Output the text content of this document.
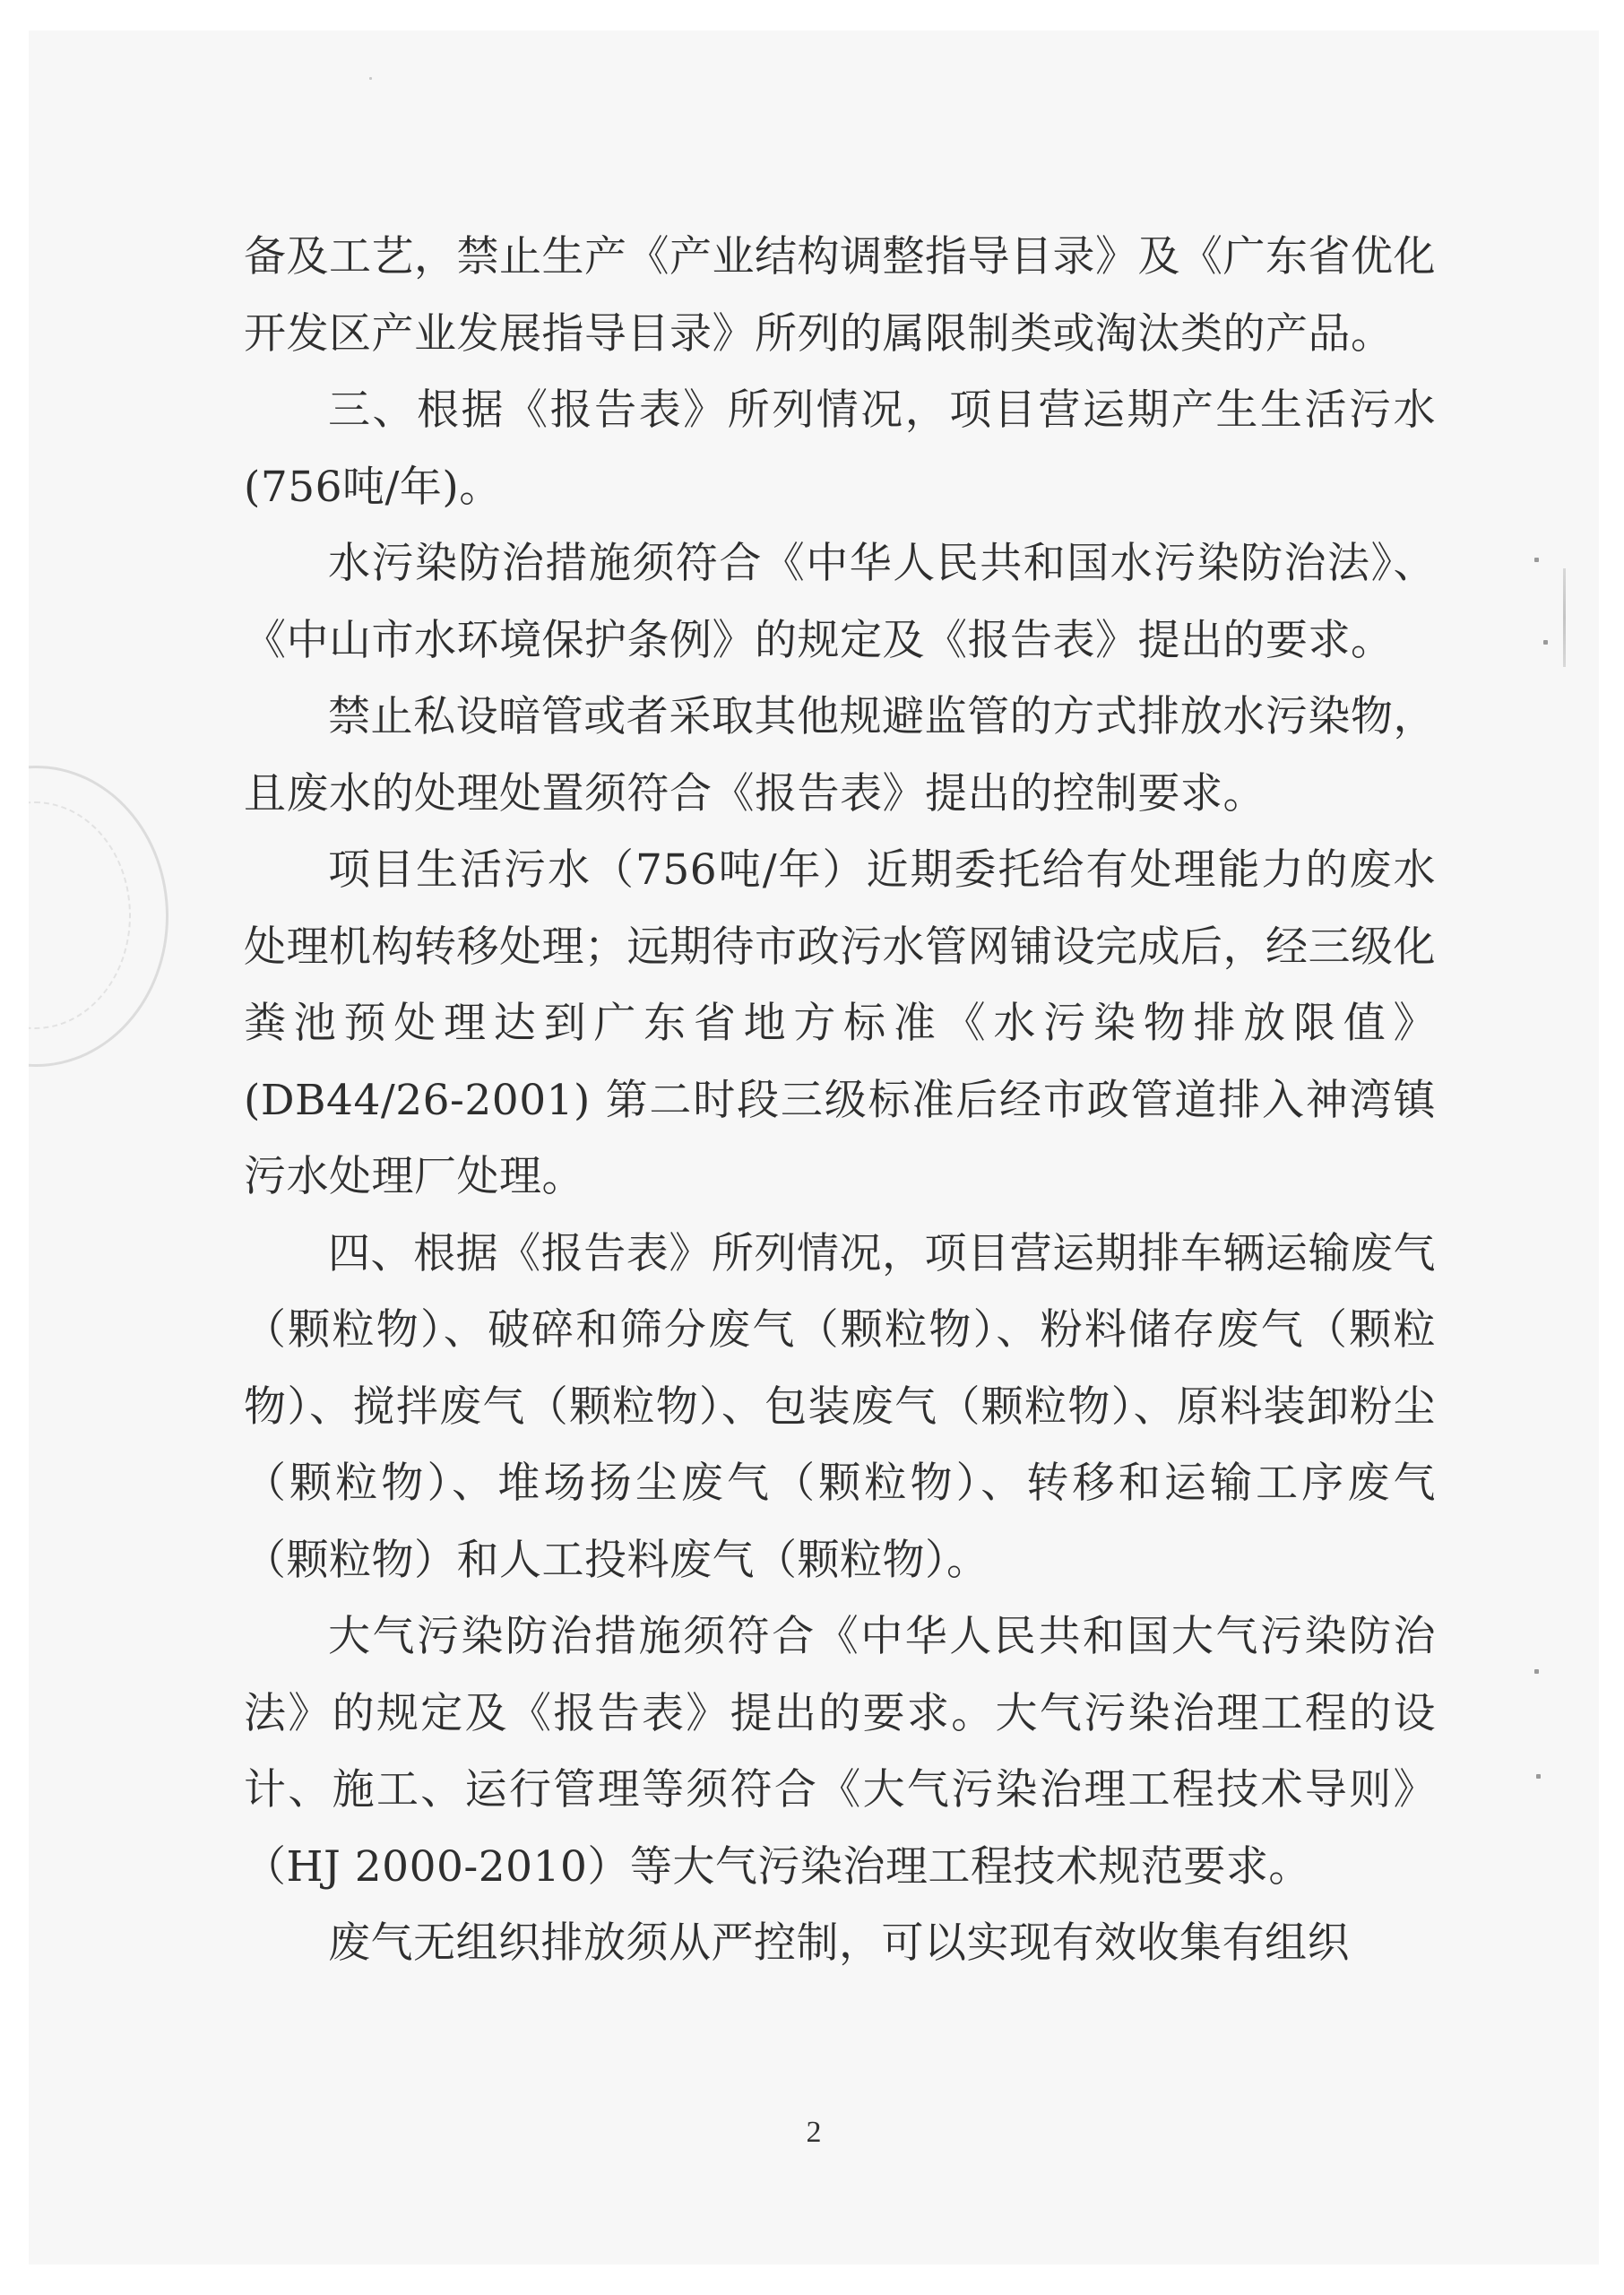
备及工艺，禁止生产《产业结构调整指导目录》及《广东省优化开发区产业发展指导目录》所列的属限制类或淘汰类的产品。

三、根据《报告表》所列情况，项目营运期产生生活污水(756吨/年)。

水污染防治措施须符合《中华人民共和国水污染防治法》、《中山市水环境保护条例》的规定及《报告表》提出的要求。

禁止私设暗管或者采取其他规避监管的方式排放水污染物，且废水的处理处置须符合《报告表》提出的控制要求。

项目生活污水（756吨/年）近期委托给有处理能力的废水处理机构转移处理；远期待市政污水管网铺设完成后，经三级化粪池预处理达到广东省地方标准《水污染物排放限值》(DB44/26-2001) 第二时段三级标准后经市政管道排入神湾镇污水处理厂处理。

四、根据《报告表》所列情况，项目营运期排车辆运输废气（颗粒物）、破碎和筛分废气（颗粒物）、粉料储存废气（颗粒物）、搅拌废气（颗粒物）、包装废气（颗粒物）、原料装卸粉尘（颗粒物）、堆场扬尘废气（颗粒物）、转移和运输工序废气（颗粒物）和人工投料废气（颗粒物）。

大气污染防治措施须符合《中华人民共和国大气污染防治法》的规定及《报告表》提出的要求。大气污染治理工程的设计、施工、运行管理等须符合《大气污染治理工程技术导则》（HJ 2000-2010）等大气污染治理工程技术规范要求。

废气无组织排放须从严控制，可以实现有效收集有组织

2
